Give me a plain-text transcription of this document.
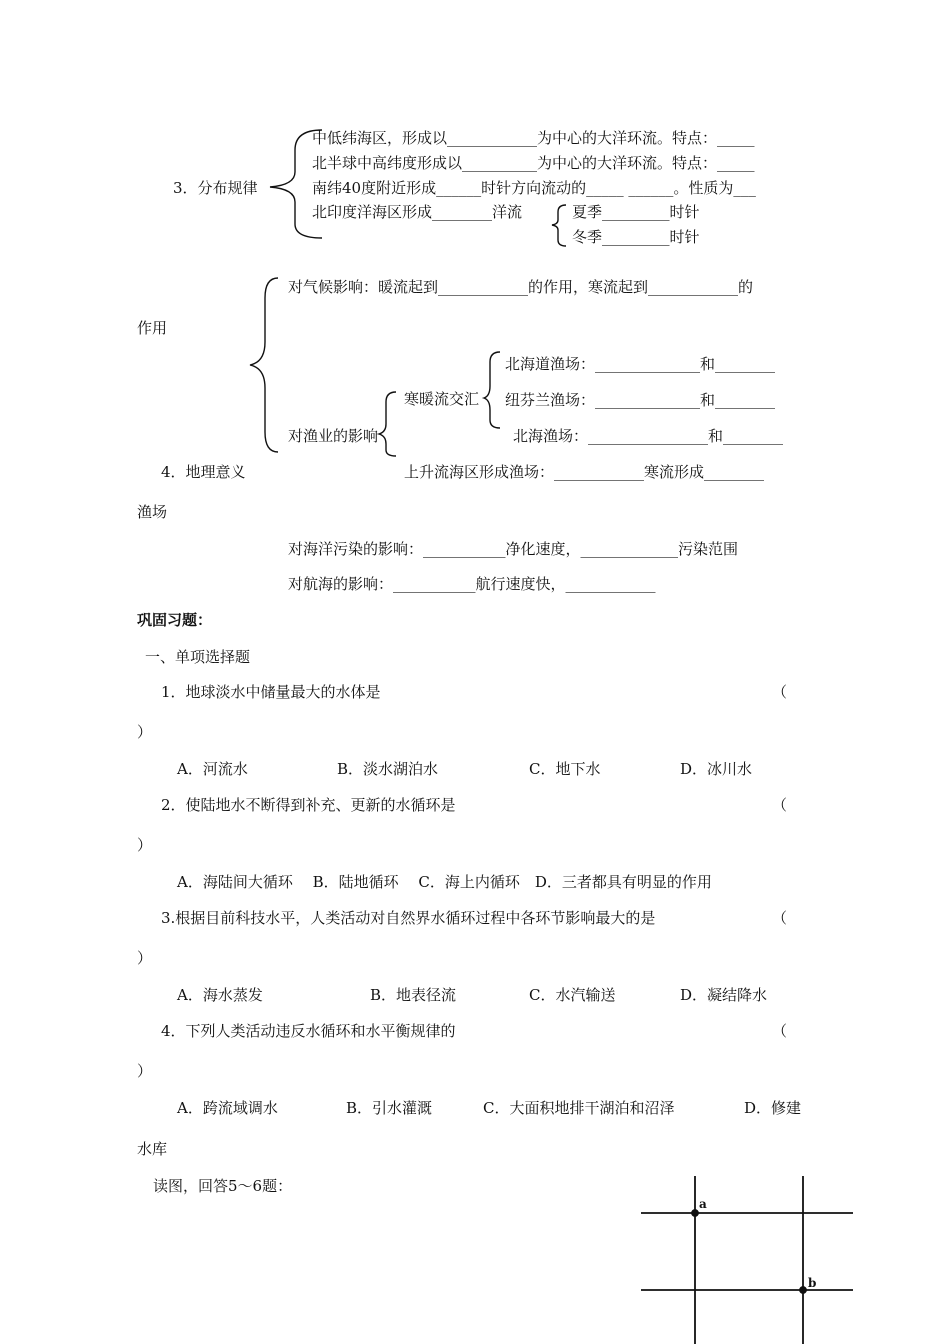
中低纬海区，形成以____________为中心的大洋环流。特点：_____
北半球中高纬度形成以__________为中心的大洋环流。特点：_____
3．分布规律	南纬40度附近形成______时针方向流动的_____ ______。性质为___
北印度洋海区形成________洋流	夏季_________时针
冬季_________时针
对气候影响：暖流起到____________的作用，寒流起到____________的
作用
北海道渔场：______________和________
寒暖流交汇 纽芬兰渔场：______________和________
对渔业的影响	北海渔场：________________和________
4．地理意义	上升流海区形成渔场：____________寒流形成________
渔场
对海洋污染的影响：___________净化速度，_____________污染范围
对航海的影响：___________航行速度快，____________
巩固习题：
一、单项选择题
1．地球淡水中储量最大的水体是	（
）
A．河流水	B．淡水湖泊水	C．地下水	D．冰川水
2．使陆地水不断得到补充、更新的水循环是	（
）
A．海陆间大循环　 B．陆地循环　 C．海上内循环　D．三者都具有明显的作用
3.根据目前科技水平，人类活动对自然界水循环过程中各环节影响最大的是	（
）
A．海水蒸发	B．地表径流	C．水汽输送	D．凝结降水
4．下列人类活动违反水循环和水平衡规律的	（
）
A．跨流域调水	B．引水灌溉	C．大面积地排干湖泊和沼泽	D．修建
水库
读图，回答5～6题：
a
b
